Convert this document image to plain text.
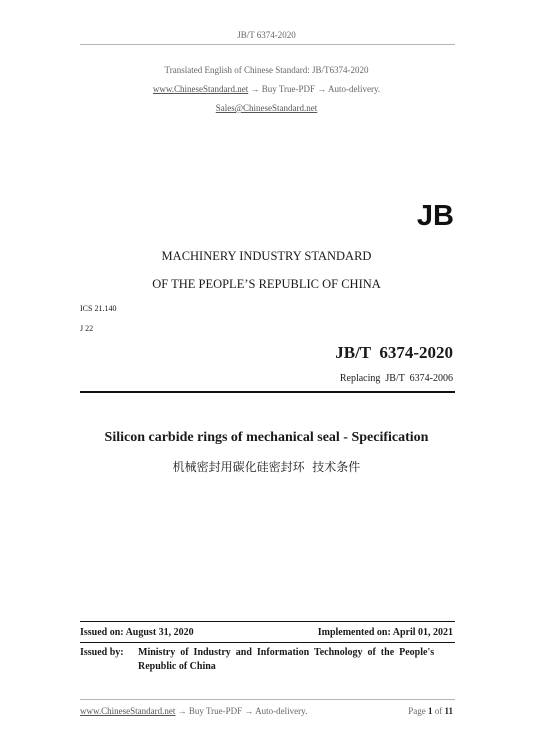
JB/T 6374-2020
Translated English of Chinese Standard: JB/T6374-2020
www.ChineseStandard.net → Buy True-PDF → Auto-delivery.
Sales@ChineseStandard.net
JB
MACHINERY INDUSTRY STANDARD
OF THE PEOPLE’S REPUBLIC OF CHINA
ICS 21.140
J 22
JB/T  6374-2020
Replacing  JB/T  6374-2006
Silicon carbide rings of mechanical seal - Specification
机械密封用碳化硅密封环  技术条件
Issued on: August 31, 2020	Implemented on: April 01, 2021
Issued by: Ministry  of  Industry  and  Information  Technology  of  the  People's
Republic of China
www.ChineseStandard.net → Buy True-PDF → Auto-delivery.	Page 1 of 11
